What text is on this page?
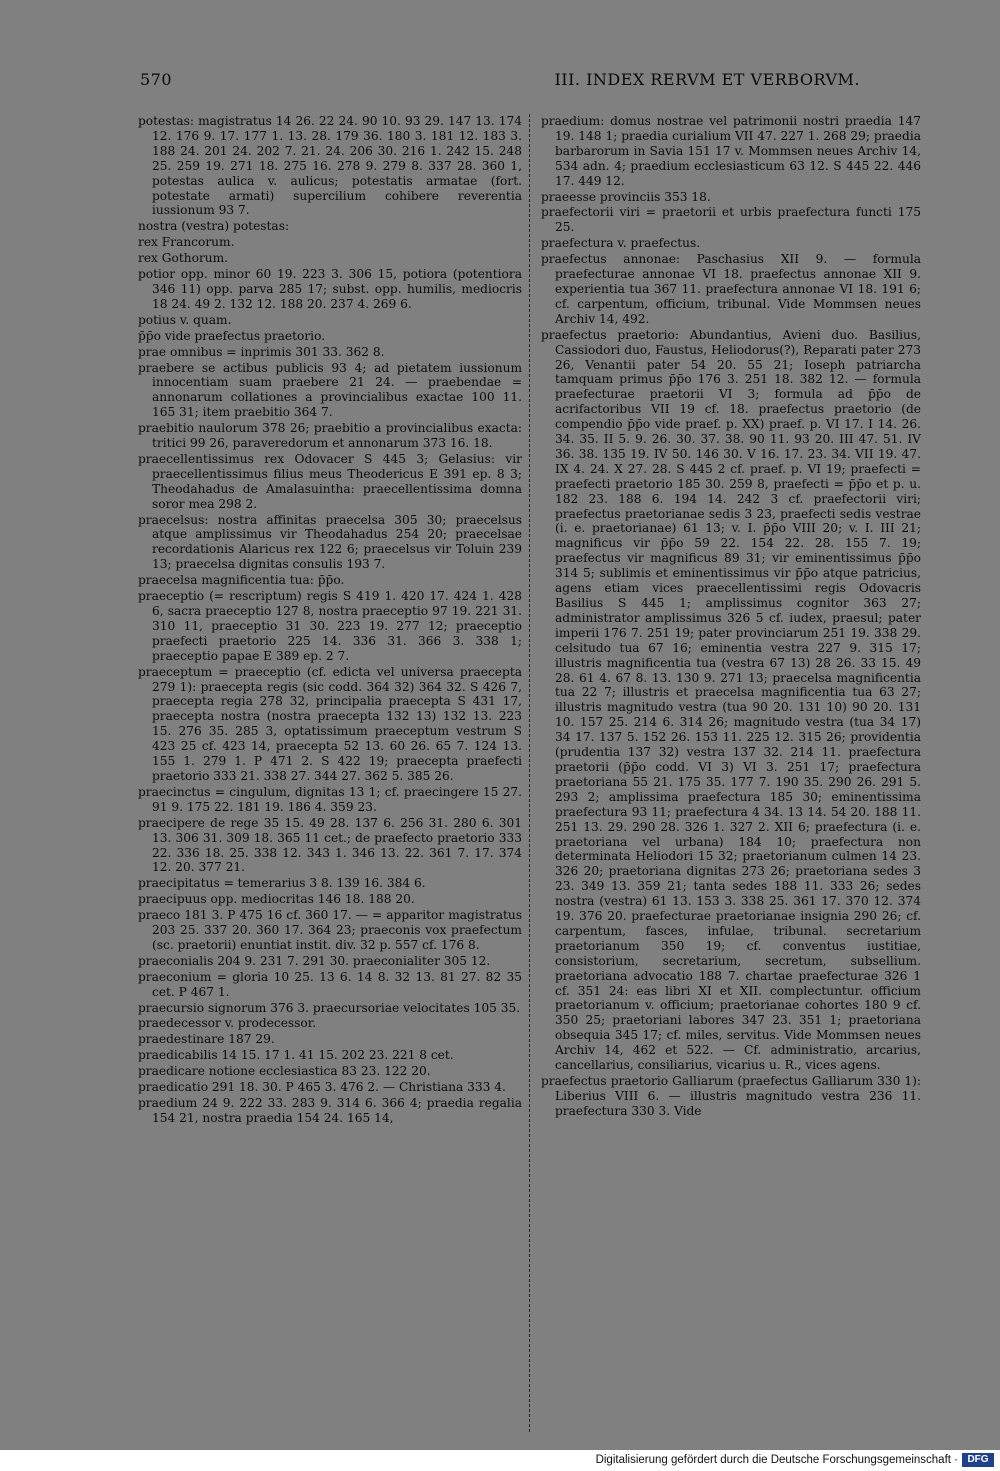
570	III. INDEX RERVM ET VERBORVM.

potestas: magistratus 14 26. 22 24. 90 10. 93 29. 147 13. 174 12. 176 9. 17. 177 1. 13. 28. 179 36. 180 3. 181 12. 183 3. 188 24. 201 24. 202 7. 21. 24. 206 30. 216 1. 242 15. 248 25. 259 19. 271 18. 275 16. 278 9. 279 8. 337 28. 360 1, potestas aulica v. aulicus; potestatis armatae (fort. potestate armati) supercilium cohibere reverentia iussionum 93 7.

nostra (vestra) potestas:

rex Francorum.

rex Gothorum.

potior opp. minor 60 19. 223 3. 306 15, potiora (potentiora 346 11) opp. parva 285 17; subst. opp. humilis, mediocris 18 24. 49 2. 132 12. 188 20. 237 4. 269 6.

potius v. quam.

p̄p̄o vide praefectus praetorio.

prae omnibus = inprimis 301 33. 362 8.

praebere se actibus publicis 93 4; ad pietatem iussionum innocentiam suam praebere 21 24. — praebendae = annonarum collationes a provincialibus exactae 100 11. 165 31; item praebitio 364 7.

praebitio naulorum 378 26; praebitio a provincialibus exacta: tritici 99 26, paraveredorum et annonarum 373 16. 18.

praecellentissimus rex Odovacer S 445 3; Gelasius: vir praecellentissimus filius meus Theodericus E 391 ep. 8 3; Theodahadus de Amalasuintha: praecellentissima domna soror mea 298 2.

praecelsus: nostra affinitas praecelsa 305 30; praecelsus atque amplissimus vir Theodahadus 254 20; praecelsae recordationis Alaricus rex 122 6; praecelsus vir Toluin 239 13; praecelsa dignitas consulis 193 7.

praecelsa magnificentia tua: p̄p̄o.

praeceptio (= rescriptum) regis S 419 1. 420 17. 424 1. 428 6, sacra praeceptio 127 8, nostra praeceptio 97 19. 221 31. 310 11, praeceptio 31 30. 223 19. 277 12; praeceptio praefecti praetorio 225 14. 336 31. 366 3. 338 1; praeceptio papae E 389 ep. 2 7.

praeceptum = praeceptio (cf. edicta vel universa praecepta 279 1): praecepta regis (sic codd. 364 32) 364 32. S 426 7, praecepta regia 278 32, principalia praecepta S 431 17, praecepta nostra (nostra praecepta 132 13) 132 13. 223 15. 276 35. 285 3, optatissimum praeceptum vestrum S 423 25 cf. 423 14, praecepta 52 13. 60 26. 65 7. 124 13. 155 1. 279 1. P 471 2. S 422 19; praecepta praefecti praetorio 333 21. 338 27. 344 27. 362 5. 385 26.

praecinctus = cingulum, dignitas 13 1; cf. praecingere 15 27. 91 9. 175 22. 181 19. 186 4. 359 23.

praecipere de rege 35 15. 49 28. 137 6. 256 31. 280 6. 301 13. 306 31. 309 18. 365 11 cet.; de praefecto praetorio 333 22. 336 18. 25. 338 12. 343 1. 346 13. 22. 361 7. 17. 374 12. 20. 377 21.

praecipitatus = temerarius 3 8. 139 16. 384 6.

praecipuus opp. mediocritas 146 18. 188 20.

praeco 181 3. P 475 16 cf. 360 17. — = apparitor magistratus 203 25. 337 20. 360 17. 364 23; praeconis vox praefectum (sc. praetorii) enuntiat instit. div. 32 p. 557 cf. 176 8.

praeconialis 204 9. 231 7. 291 30. praeconialiter 305 12.

praeconium = gloria 10 25. 13 6. 14 8. 32 13. 81 27. 82 35 cet. P 467 1.

praecursio signorum 376 3. praecursoriae velocitates 105 35.

praedecessor v. prodecessor.

praedestinare 187 29.

praedicabilis 14 15. 17 1. 41 15. 202 23. 221 8 cet.

praedicare notione ecclesiastica 83 23. 122 20.

praedicatio 291 18. 30. P 465 3. 476 2. — Christiana 333 4.

praedium 24 9. 222 33. 283 9. 314 6. 366 4; praedia regalia 154 21, nostra praedia 154 24. 165 14,

praedium: domus nostrae vel patrimonii nostri praedia 147 19. 148 1; praedia curialium VII 47. 227 1. 268 29; praedia barbarorum in Savia 151 17 v. Mommsen neues Archiv 14, 534 adn. 4; praedium ecclesiasticum 63 12. S 445 22. 446 17. 449 12.

praeesse provinciis 353 18.

praefectorii viri = praetorii et urbis praefectura functi 175 25.

praefectura v. praefectus.

praefectus annonae: Paschasius XII 9. — formula praefecturae annonae VI 18. praefectus annonae XII 9. experientia tua 367 11. praefectura annonae VI 18. 191 6; cf. carpentum, officium, tribunal. Vide Mommsen neues Archiv 14, 492.

praefectus praetorio: Abundantius, Avieni duo. Basilius, Cassiodori duo, Faustus, Heliodorus(?), Reparati pater 273 26, Venantii pater 54 20. 55 21; Ioseph patriarcha tamquam primus p̄p̄o 176 3. 251 18. 382 12. — formula praefecturae praetorii VI 3; formula ad p̄p̄o de acrifactoribus VII 19 cf. 18. praefectus praetorio (de compendio p̄p̄o vide praef. p. XX) praef. p. VI 17. I 14. 26. 34. 35. II 5. 9. 26. 30. 37. 38. 90 11. 93 20. III 47. 51. IV 36. 38. 135 19. IV 50. 146 30. V 16. 17. 23. 34. VII 19. 47. IX 4. 24. X 27. 28. S 445 2 cf. praef. p. VI 19; praefecti = praefecti praetorio 185 30. 259 8, praefecti = p̄p̄o et p. u. 182 23. 188 6. 194 14. 242 3 cf. praefectorii viri; praefectus praetorianae sedis 3 23, praefecti sedis vestrae (i. e. praetorianae) 61 13; v. I. p̄p̄o VIII 20; v. I. III 21; magnificus vir p̄p̄o 59 22. 154 22. 28. 155 7. 19; praefectus vir magnificus 89 31; vir eminentissimus p̄p̄o 314 5; sublimis et eminentissimus vir p̄p̄o atque patricius, agens etiam vices praecellentissimi regis Odovacris Basilius S 445 1; amplissimus cognitor 363 27; administrator amplissimus 326 5 cf. iudex, praesul; pater imperii 176 7. 251 19; pater provinciarum 251 19. 338 29. celsitudo tua 67 16; eminentia vestra 227 9. 315 17; illustris magnificentia tua (vestra 67 13) 28 26. 33 15. 49 28. 61 4. 67 8. 13. 130 9. 271 13; praecelsa magnificentia tua 22 7; illustris et praecelsa magnificentia tua 63 27; illustris magnitudo vestra (tua 90 20. 131 10) 90 20. 131 10. 157 25. 214 6. 314 26; magnitudo vestra (tua 34 17) 34 17. 137 5. 152 26. 153 11. 225 12. 315 26; providentia (prudentia 137 32) vestra 137 32. 214 11. praefectura praetorii (p̄p̄o codd. VI 3) VI 3. 251 17; praefectura praetoriana 55 21. 175 35. 177 7. 190 35. 290 26. 291 5. 293 2; amplissima praefectura 185 30; eminentissima praefectura 93 11; praefectura 4 34. 13 14. 54 20. 188 11. 251 13. 29. 290 28. 326 1. 327 2. XII 6; praefectura (i. e. praetoriana vel urbana) 184 10; praefectura non determinata Heliodori 15 32; praetorianum culmen 14 23. 326 20; praetoriana dignitas 273 26; praetoriana sedes 3 23. 349 13. 359 21; tanta sedes 188 11. 333 26; sedes nostra (vestra) 61 13. 153 3. 338 25. 361 17. 370 12. 374 19. 376 20. praefecturae praetorianae insignia 290 26; cf. carpentum, fasces, infulae, tribunal. secretarium praetorianum 350 19; cf. conventus iustitiae, consistorium, secretarium, secretum, subsellium. praetoriana advocatio 188 7. chartae praefecturae 326 1 cf. 351 24: eas libri XI et XII. complectuntur. officium praetorianum v. officium; praetorianae cohortes 180 9 cf. 350 25; praetoriani labores 347 23. 351 1; praetoriana obsequia 345 17; cf. miles, servitus. Vide Mommsen neues Archiv 14, 462 et 522. — Cf. administratio, arcarius, cancellarius, consiliarius, vicarius u. R., vices agens.

praefectus praetorio Galliarum (praefectus Galliarum 330 1): Liberius VIII 6. — illustris magnitudo vestra 236 11. praefectura 330 3. Vide

Digitalisierung gefördert durch die Deutsche Forschungsgemeinschaft · DFG
